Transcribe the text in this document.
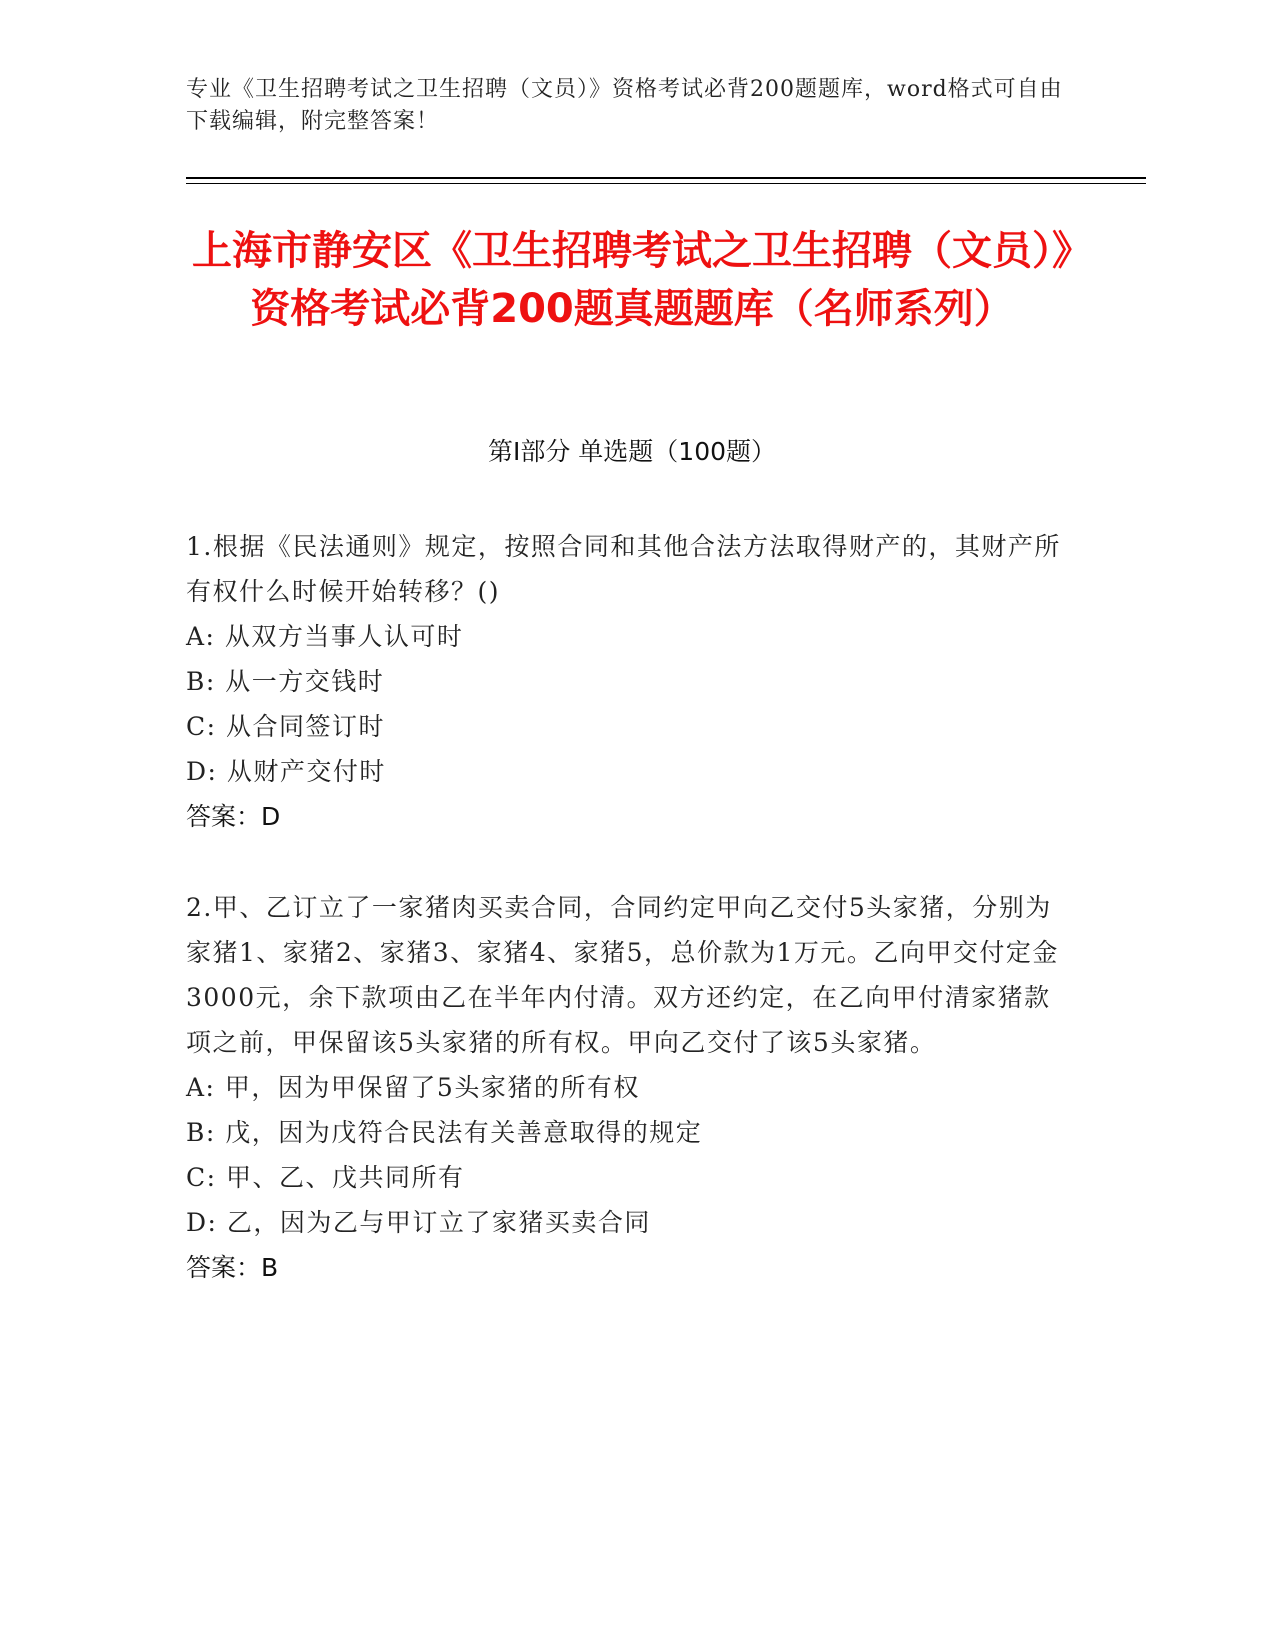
专业《卫生招聘考试之卫生招聘（文员）》资格考试必背200题题库，word格式可自由下载编辑，附完整答案！
上海市静安区《卫生招聘考试之卫生招聘（文员）》资格考试必背200题真题题库（名师系列）
第Ⅰ部分 单选题（100题）
1.根据《民法通则》规定，按照合同和其他合法方法取得财产的，其财产所有权什么时候开始转移？()
A: 从双方当事人认可时
B: 从一方交钱时
C: 从合同签订时
D: 从财产交付时
答案：D
2.甲、乙订立了一家猪肉买卖合同，合同约定甲向乙交付5头家猪，分别为家猪1、家猪2、家猪3、家猪4、家猪5，总价款为1万元。乙向甲交付定金3000元，余下款项由乙在半年内付清。双方还约定，在乙向甲付清家猪款项之前，甲保留该5头家猪的所有权。甲向乙交付了该5头家猪。
A: 甲，因为甲保留了5头家猪的所有权
B: 戊，因为戊符合民法有关善意取得的规定
C: 甲、乙、戊共同所有
D: 乙，因为乙与甲订立了家猪买卖合同
答案：B
